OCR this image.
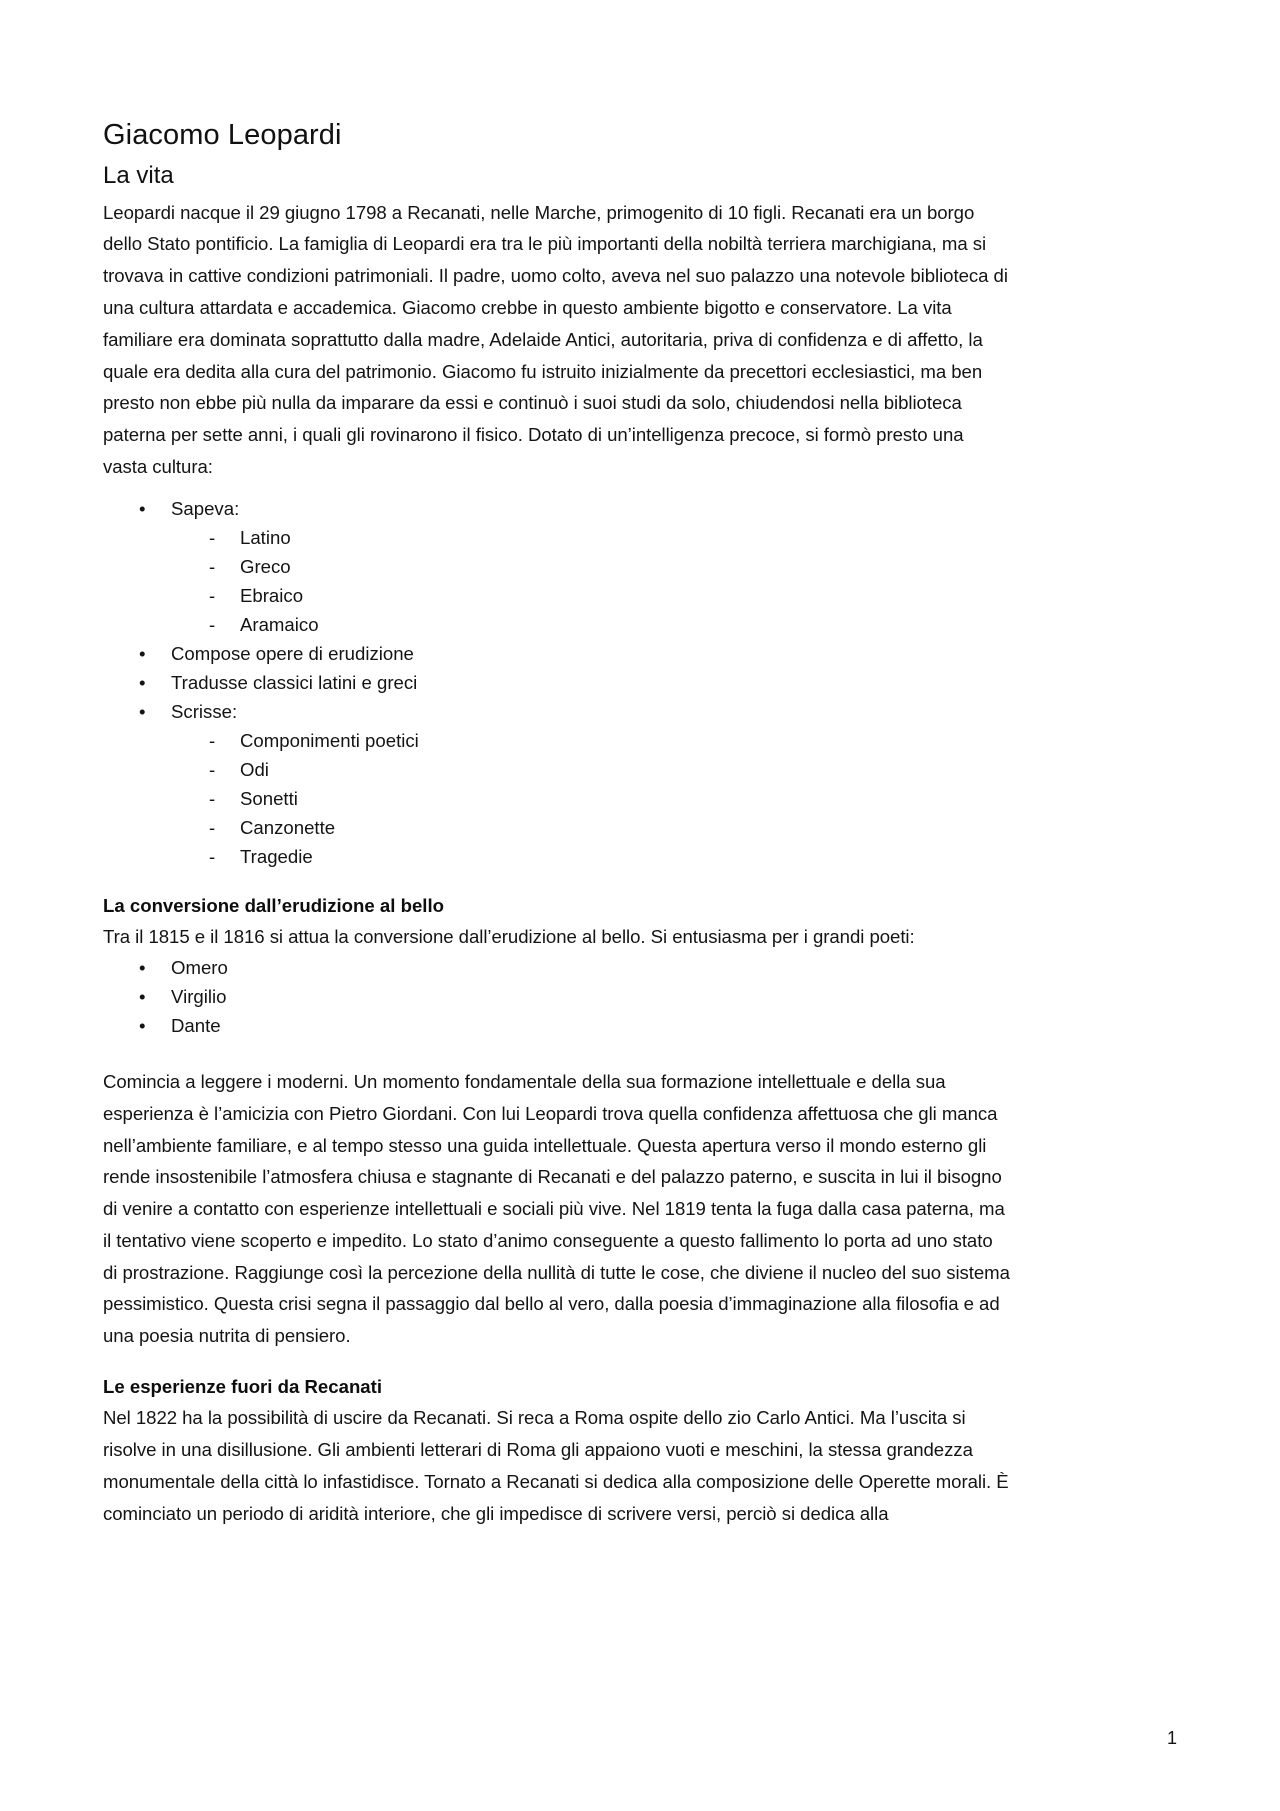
Giacomo Leopardi
La vita

Leopardi nacque il 29 giugno 1798 a Recanati, nelle Marche, primogenito di 10 figli. Recanati era un borgo dello Stato pontificio. La famiglia di Leopardi era tra le più importanti della nobiltà terriera marchigiana, ma si trovava in cattive condizioni patrimoniali. Il padre, uomo colto, aveva nel suo palazzo una notevole biblioteca di una cultura attardata e accademica. Giacomo crebbe in questo ambiente bigotto e conservatore. La vita familiare era dominata soprattutto dalla madre, Adelaide Antici, autoritaria, priva di confidenza e di affetto, la quale era dedita alla cura del patrimonio. Giacomo fu istruito inizialmente da precettori ecclesiastici, ma ben presto non ebbe più nulla da imparare da essi e continuò i suoi studi da solo, chiudendosi nella biblioteca paterna per sette anni, i quali gli rovinarono il fisico. Dotato di un’intelligenza precoce, si formò presto una vasta cultura:

• Sapeva:
- Latino
- Greco
- Ebraico
- Aramaico
• Compose opere di erudizione
• Tradusse classici latini e greci
• Scrisse:
- Componimenti poetici
- Odi
- Sonetti
- Canzonette
- Tragedie
La conversione dall’erudizione al bello

Tra il 1815 e il 1816 si attua la conversione dall’erudizione al bello. Si entusiasma per i grandi poeti:

• Omero
• Virgilio
• Dante

Comincia a leggere i moderni. Un momento fondamentale della sua formazione intellettuale e della sua esperienza è l’amicizia con Pietro Giordani. Con lui Leopardi trova quella confidenza affettuosa che gli manca nell’ambiente familiare, e al tempo stesso una guida intellettuale. Questa apertura verso il mondo esterno gli rende insostenibile l’atmosfera chiusa e stagnante di Recanati e del palazzo paterno, e suscita in lui il bisogno di venire a contatto con esperienze intellettuali e sociali più vive. Nel 1819 tenta la fuga dalla casa paterna, ma il tentativo viene scoperto e impedito. Lo stato d’animo conseguente a questo fallimento lo porta ad uno stato di prostrazione. Raggiunge così la percezione della nullità di tutte le cose, che diviene il nucleo del suo sistema pessimistico. Questa crisi segna il passaggio dal bello al vero, dalla poesia d’immaginazione alla filosofia e ad una poesia nutrita di pensiero.

Le esperienze fuori da Recanati

Nel 1822 ha la possibilità di uscire da Recanati. Si reca a Roma ospite dello zio Carlo Antici. Ma l’uscita si risolve in una disillusione. Gli ambienti letterari di Roma gli appaiono vuoti e meschini, la stessa grandezza monumentale della città lo infastidisce. Tornato a Recanati si dedica alla composizione delle Operette morali. È cominciato un periodo di aridità interiore, che gli impedisce di scrivere versi, perciò si dedica alla

1
